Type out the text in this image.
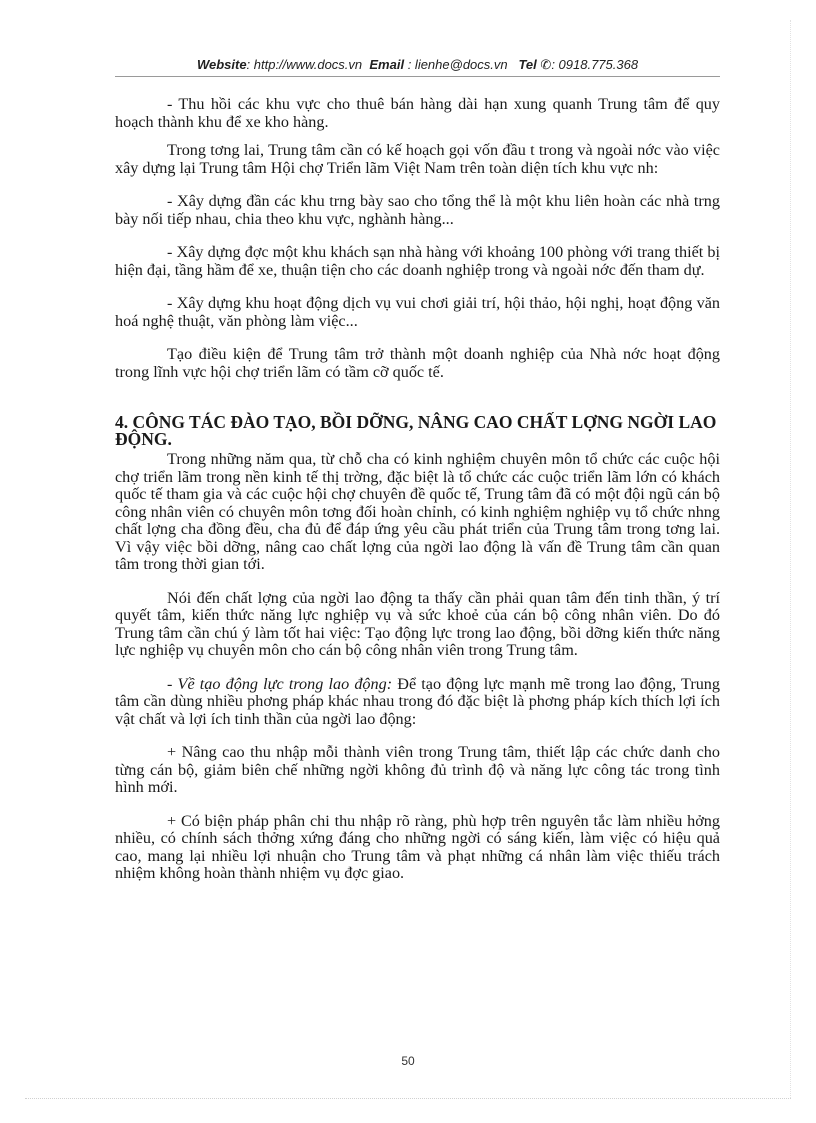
Website: http://www.docs.vn Email : lienhe@docs.vn Tel ✆: 0918.775.368

- Thu hồi các khu vực cho thuê bán hàng dài hạn xung quanh Trung tâm để quy hoạch thành khu để xe kho hàng.

Trong tơng lai, Trung tâm cần có kế hoạch gọi vốn đầu t trong và ngoài nớc vào việc xây dựng lại Trung tâm Hội chợ Triển lãm Việt Nam trên toàn diện tích khu vực nh:

- Xây dựng đần các khu trng bày sao cho tổng thể là một khu liên hoàn các nhà trng bày nối tiếp nhau, chia theo khu vực, nghành hàng...

- Xây dựng đợc một khu khách sạn nhà hàng với khoảng 100 phòng với trang thiết bị hiện đại, tầng hầm để xe, thuận tiện cho các doanh nghiệp trong và ngoài nớc đến tham dự.

- Xây dựng khu hoạt động dịch vụ vui chơi giải trí, hội thảo, hội nghị, hoạt động văn hoá nghệ thuật, văn phòng làm việc...

Tạo điều kiện để Trung tâm trở thành một doanh nghiệp của Nhà nớc hoạt động trong lĩnh vực hội chợ triển lãm có tầm cỡ quốc tế.

4. CÔNG TÁC ĐÀO TẠO, BỒI DỠNG, NÂNG CAO CHẤT LỢNG NGỜI LAO ĐỘNG.

Trong những năm qua, từ chỗ cha có kinh nghiệm chuyên môn tổ chức các cuộc hội chợ triển lãm trong nền kinh tế thị trờng, đặc biệt là tổ chức các cuộc triển lãm lớn có khách quốc tế tham gia và các cuộc hội chợ chuyên đề quốc tế, Trung tâm đã có một đội ngũ cán bộ công nhân viên có chuyên môn tơng đối hoàn chỉnh, có kinh nghiệm nghiệp vụ tổ chức nhng chất lợng cha đồng đều, cha đủ để đáp ứng yêu cầu phát triển của Trung tâm trong tơng lai. Vì vậy việc bồi dỡng, nâng cao chất lợng của ngời lao động là vấn đề Trung tâm cần quan tâm trong thời gian tới.

Nói đến chất lợng của ngời lao động ta thấy cần phải quan tâm đến tinh thần, ý trí quyết tâm, kiến thức năng lực nghiệp vụ và sức khoẻ của cán bộ công nhân viên. Do đó Trung tâm cần chú ý làm tốt hai việc: Tạo động lực trong lao động, bồi dỡng kiến thức năng lực nghiệp vụ chuyên môn cho cán bộ công nhân viên trong Trung tâm.

- Về tạo động lực trong lao động: Để tạo động lực mạnh mẽ trong lao động, Trung tâm cần dùng nhiều phơng pháp khác nhau trong đó đặc biệt là phơng pháp kích thích lợi ích vật chất và lợi ích tinh thần của ngời lao động:

+ Nâng cao thu nhập mỗi thành viên trong Trung tâm, thiết lập các chức danh cho từng cán bộ, giảm biên chế những ngời không đủ trình độ và năng lực công tác trong tình hình mới.

+ Có biện pháp phân chi thu nhập rõ ràng, phù hợp trên nguyên tắc làm nhiều hởng nhiều, có chính sách thởng xứng đáng cho những ngời có sáng kiến, làm việc có hiệu quả cao, mang lại nhiều lợi nhuận cho Trung tâm và phạt những cá nhân làm việc thiếu trách nhiệm không hoàn thành nhiệm vụ đợc giao.

50
